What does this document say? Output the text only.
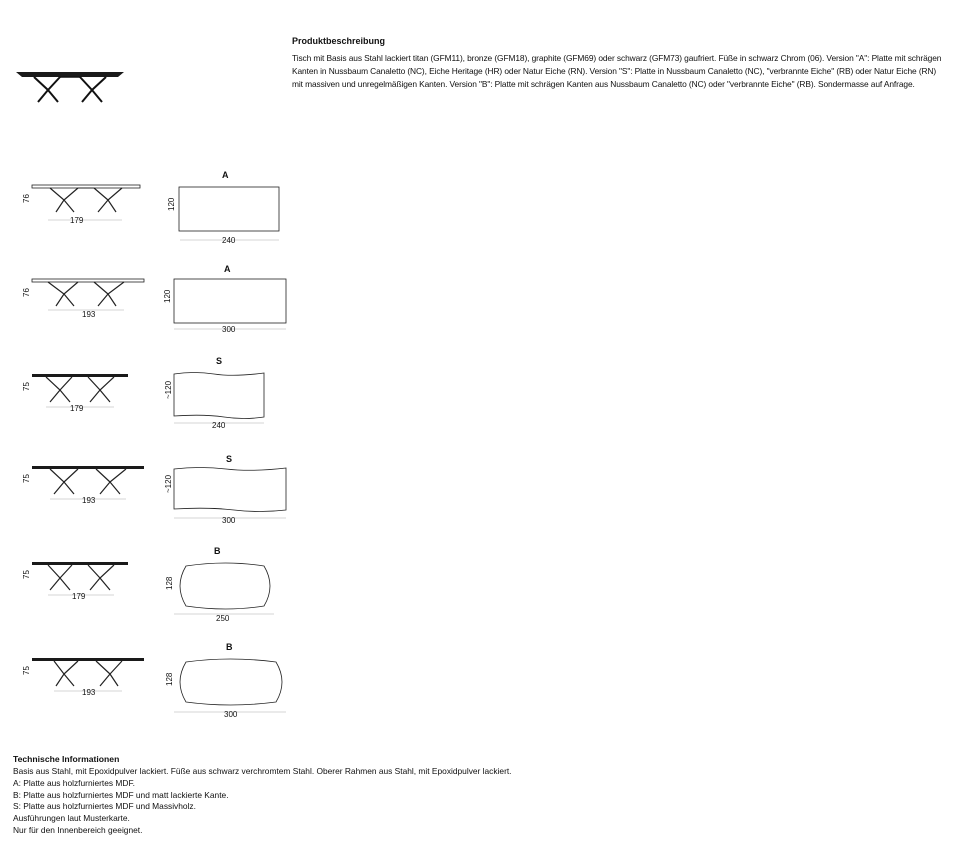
Produktbeschreibung
Tisch mit Basis aus Stahl lackiert titan (GFM11), bronze (GFM18), graphite (GFM69) oder schwarz (GFM73) gaufriert. Füße in schwarz Chrom (06). Version "A": Platte mit schrägen Kanten in Nussbaum Canaletto (NC), Eiche Heritage (HR) oder Natur Eiche (RN). Version "S": Platte in Nussbaum Canaletto (NC), "verbrannte Eiche" (RB) oder Natur Eiche (RN) mit massiven und unregelmäßigen Kanten. Version "B": Platte mit schrägen Kanten aus Nussbaum Canaletto (NC) oder "verbrannte Eiche" (RB). Sondermasse auf Anfrage.
76
179
A
120
240
76
193
A
120
300
75
179
S
~120
240
75
193
S
~120
300
75
179
B
128
250
75
193
B
128
300
Technische Informationen
Basis aus Stahl, mit Epoxidpulver lackiert. Füße aus schwarz verchromtem Stahl. Oberer Rahmen aus Stahl, mit Epoxidpulver lackiert.
A: Platte aus holzfurniertes MDF.
B: Platte aus holzfurniertes MDF und matt lackierte Kante.
S: Platte aus holzfurniertes MDF und Massivholz.
Ausführungen laut Musterkarte.
Nur für den Innenbereich geeignet.
